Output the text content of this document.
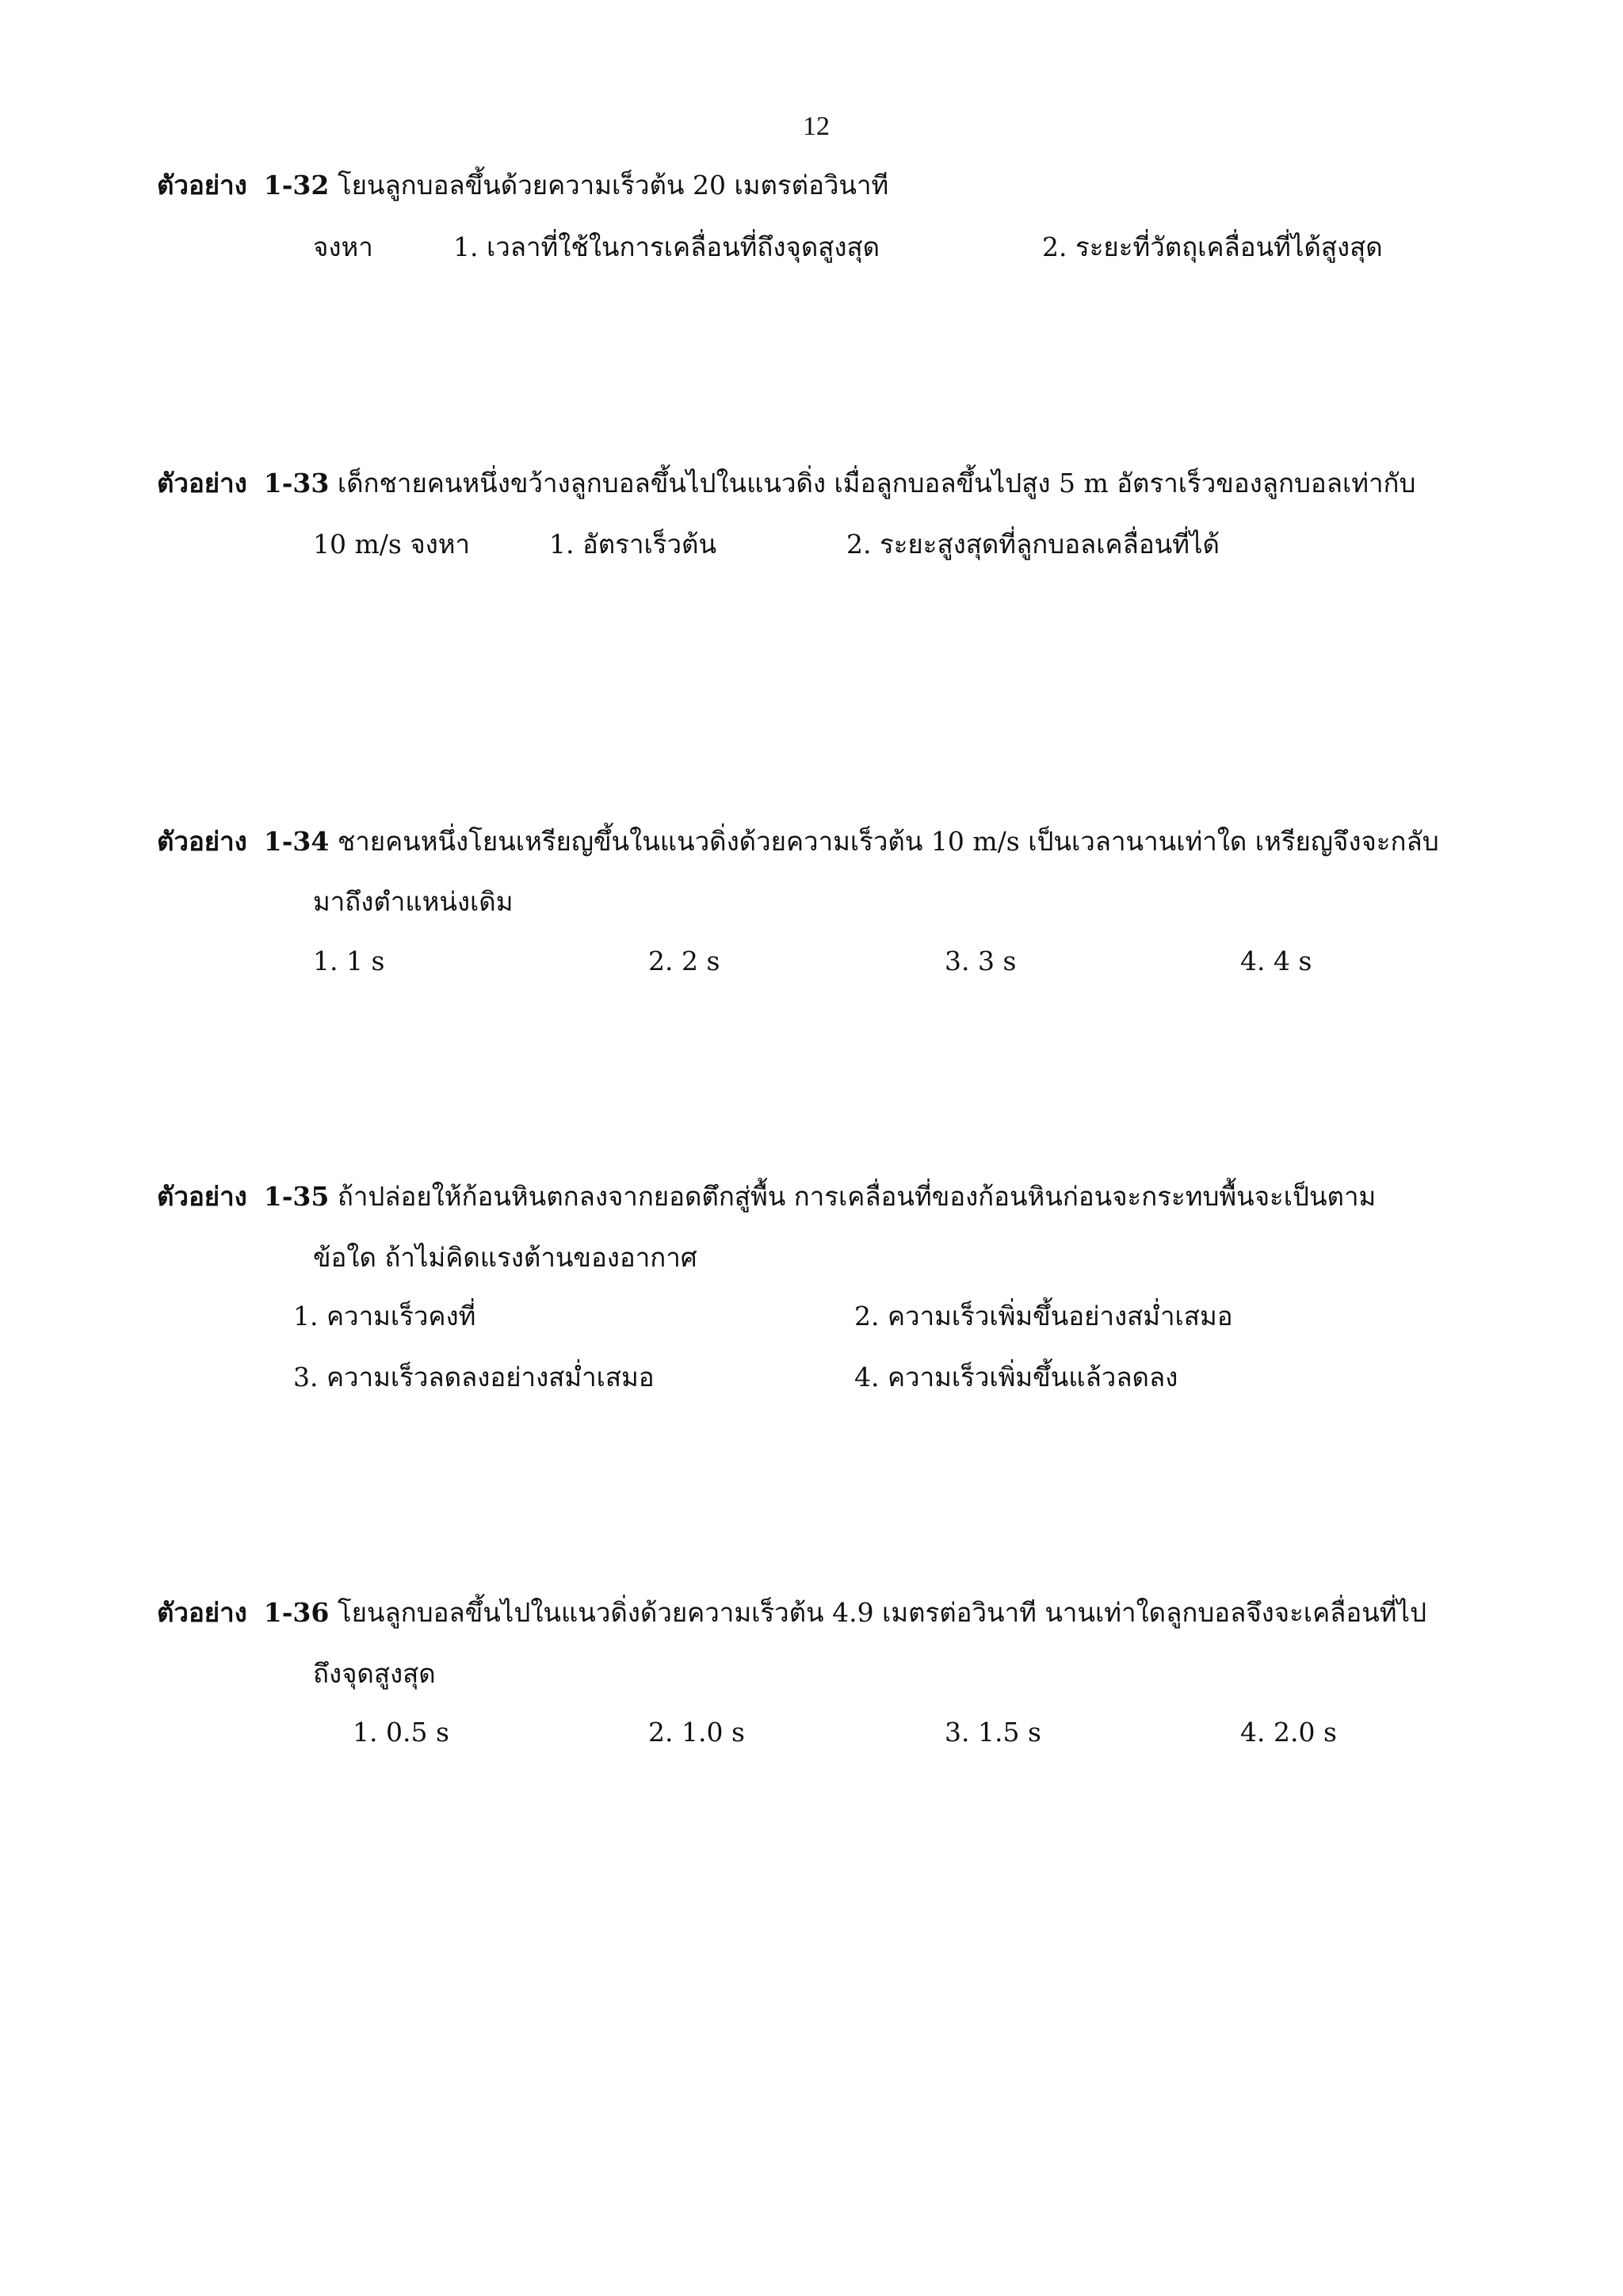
12
ตัวอย่าง 1-32 โยนลูกบอลขึ้นด้วยความเร็วต้น 20 เมตรต่อวินาที
จงหา	1. เวลาที่ใช้ในการเคลื่อนที่ถึงจุดสูงสุด	2. ระยะที่วัตถุเคลื่อนที่ได้สูงสุด
ตัวอย่าง 1-33 เด็กชายคนหนึ่งขว้างลูกบอลขึ้นไปในแนวดิ่ง เมื่อลูกบอลขึ้นไปสูง 5 m อัตราเร็วของลูกบอลเท่ากับ
10 m/s จงหา	1. อัตราเร็วต้น	2. ระยะสูงสุดที่ลูกบอลเคลื่อนที่ได้
ตัวอย่าง 1-34 ชายคนหนึ่งโยนเหรียญขึ้นในแนวดิ่งด้วยความเร็วต้น 10 m/s เป็นเวลานานเท่าใด เหรียญจึงจะกลับ
มาถึงตำแหน่งเดิม
1. 1 s	2. 2 s	3. 3 s	4. 4 s
ตัวอย่าง 1-35 ถ้าปล่อยให้ก้อนหินตกลงจากยอดตึกสู่พื้น การเคลื่อนที่ของก้อนหินก่อนจะกระทบพื้นจะเป็นตาม
ข้อใด ถ้าไม่คิดแรงต้านของอากาศ
1. ความเร็วคงที่	2. ความเร็วเพิ่มขึ้นอย่างสม่ำเสมอ
3. ความเร็วลดลงอย่างสม่ำเสมอ	4. ความเร็วเพิ่มขึ้นแล้วลดลง
ตัวอย่าง 1-36 โยนลูกบอลขึ้นไปในแนวดิ่งด้วยความเร็วต้น 4.9 เมตรต่อวินาที นานเท่าใดลูกบอลจึงจะเคลื่อนที่ไป
ถึงจุดสูงสุด
1. 0.5 s	2. 1.0 s	3. 1.5 s	4. 2.0 s
